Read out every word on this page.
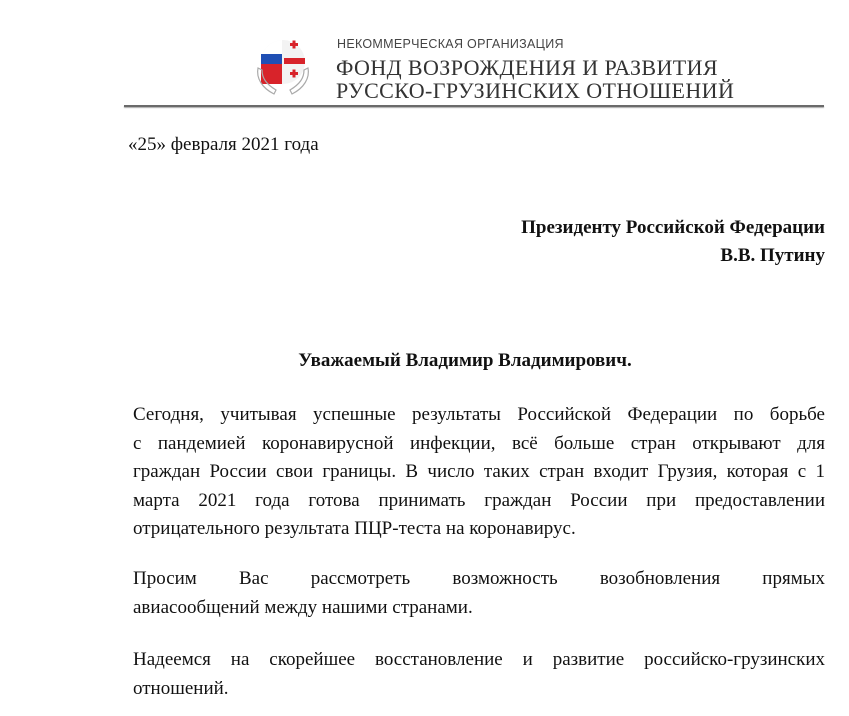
НЕКОММЕРЧЕСКАЯ ОРГАНИЗАЦИЯ
ФОНД ВОЗРОЖДЕНИЯ И РАЗВИТИЯ
РУССКО-ГРУЗИНСКИХ ОТНОШЕНИЙ
«25» февраля 2021 года
Президенту Российской Федерации
В.В. Путину
Уважаемый Владимир Владимирович.
Сегодня, учитывая успешные результаты Российской Федерации по борьбе
с пандемией коронавирусной инфекции, всё больше стран открывают для
граждан России свои границы. В число таких стран входит Грузия, которая с 1
марта 2021 года готова принимать граждан России при предоставлении
отрицательного результата ПЦР-теста на коронавирус.
Просим Вас рассмотреть возможность возобновления прямых
авиасообщений между нашими странами.
Надеемся на скорейшее восстановление и развитие российско-грузинских
отношений.
